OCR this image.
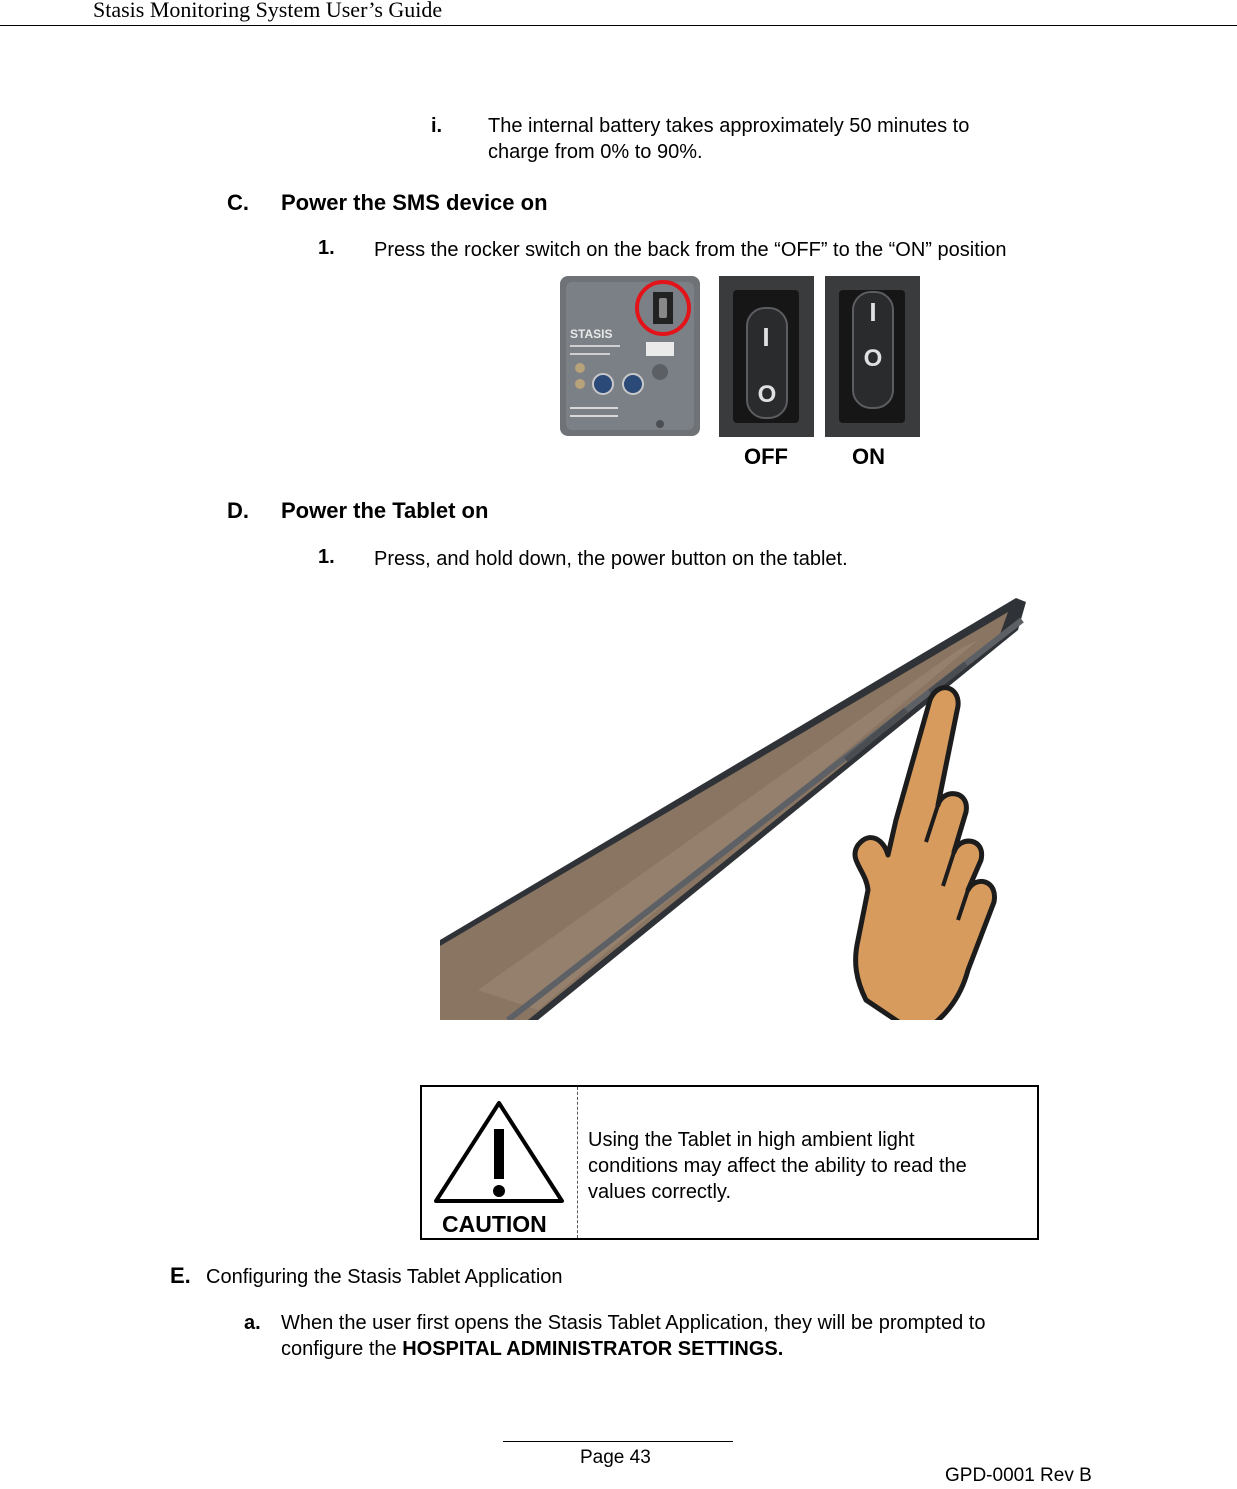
Stasis Monitoring System User’s Guide
i. The internal battery takes approximately 50 minutes to
charge from 0% to 90%.
C. Power the SMS device on
1. Press the rocker switch on the back from the “OFF” to the “ON” position
STASIS	I
O
I
O
OFF	ON
D. Power the Tablet on
1. Press, and hold down, the power button on the tablet.
CAUTION
Using the Tablet in high ambient light
conditions may affect the ability to read the
values correctly.
E. Configuring the Stasis Tablet Application
a. When the user first opens the Stasis Tablet Application, they will be prompted to
configure the HOSPITAL ADMINISTRATOR SETTINGS.
Page 43
GPD-0001 Rev B
